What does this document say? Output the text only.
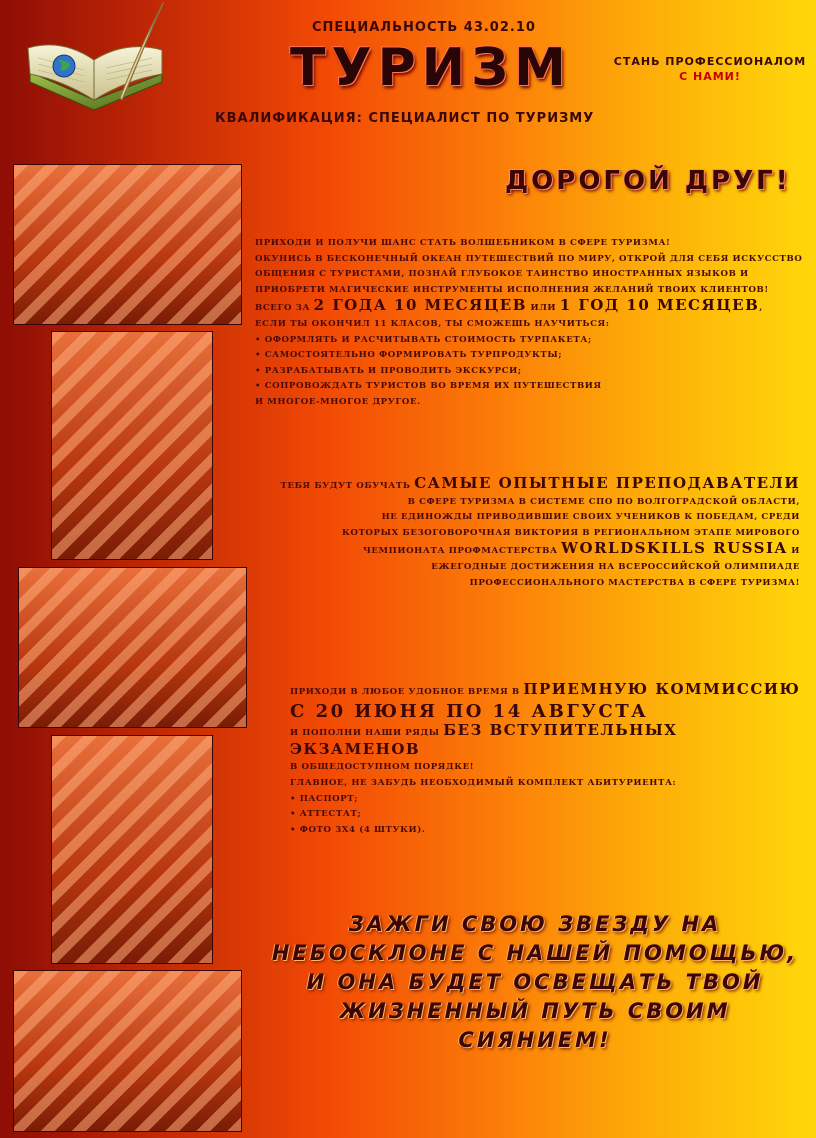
СПЕЦИАЛЬНОСТЬ 43.02.10
ТУРИЗМ
КВАЛИФИКАЦИЯ: СПЕЦИАЛИСТ ПО ТУРИЗМУ
СТАНЬ ПРОФЕССИОНАЛОМ
С НАМИ!
ДОРОГОЙ ДРУГ!
ПРИХОДИ И ПОЛУЧИ ШАНС СТАТЬ ВОЛШЕБНИКОМ В СФЕРЕ ТУРИЗМА!
ОКУНИСЬ В БЕСКОНЕЧНЫЙ ОКЕАН ПУТЕШЕСТВИЙ ПО МИРУ, ОТКРОЙ ДЛЯ СЕБЯ ИСКУССТВО ОБЩЕНИЯ С ТУРИСТАМИ, ПОЗНАЙ ГЛУБОКОЕ ТАИНСТВО ИНОСТРАННЫХ ЯЗЫКОВ И ПРИОБРЕТИ МАГИЧЕСКИЕ ИНСТРУМЕНТЫ ИСПОЛНЕНИЯ ЖЕЛАНИЙ ТВОИХ КЛИЕНТОВ!
ВСЕГО ЗА 2 ГОДА 10 МЕСЯЦЕВ ИЛИ 1 ГОД 10 МЕСЯЦЕВ,
ЕСЛИ ТЫ ОКОНЧИЛ 11 КЛАСОВ, ТЫ СМОЖЕШЬ НАУЧИТЬСЯ:
• ОФОРМЛЯТЬ И РАСЧИТЫВАТЬ СТОИМОСТЬ ТУРПАКЕТА;
• САМОСТОЯТЕЛЬНО ФОРМИРОВАТЬ ТУРПРОДУКТЫ;
• РАЗРАБАТЫВАТЬ И ПРОВОДИТЬ ЭКСКУРСИ;
• СОПРОВОЖДАТЬ ТУРИСТОВ ВО ВРЕМЯ ИХ ПУТЕШЕСТВИЯ
И МНОГОЕ-МНОГОЕ ДРУГОЕ.
ТЕБЯ БУДУТ ОБУЧАТЬ САМЫЕ ОПЫТНЫЕ ПРЕПОДАВАТЕЛИ
В СФЕРЕ ТУРИЗМА В СИСТЕМЕ СПО ПО ВОЛГОГРАДСКОЙ ОБЛАСТИ,
НЕ ЕДИНОЖДЫ ПРИВОДИВШИЕ СВОИХ УЧЕНИКОВ К ПОБЕДАМ, СРЕДИ
КОТОРЫХ БЕЗОГОВОРОЧНАЯ ВИКТОРИЯ В РЕГИОНАЛЬНОМ ЭТАПЕ МИРОВОГО
ЧЕМПИОНАТА ПРОФМАСТЕРСТВА WORLDSKILLS RUSSIA И
ЕЖЕГОДНЫЕ ДОСТИЖЕНИЯ НА ВСЕРОССИЙСКОЙ ОЛИМПИАДЕ
ПРОФЕССИОНАЛЬНОГО МАСТЕРСТВА В СФЕРЕ ТУРИЗМА!
ПРИХОДИ В ЛЮБОЕ УДОБНОЕ ВРЕМЯ В ПРИЕМНУЮ КОММИССИЮ
С 20 ИЮНЯ ПО 14 АВГУСТА
И ПОПОЛНИ НАШИ РЯДЫ БЕЗ ВСТУПИТЕЛЬНЫХ ЭКЗАМЕНОВ
В ОБЩЕДОСТУПНОМ ПОРЯДКЕ!
ГЛАВНОЕ, НЕ ЗАБУДЬ НЕОБХОДИМЫЙ КОМПЛЕКТ АБИТУРИЕНТА:
• ПАСПОРТ;
• АТТЕСТАТ;
• ФОТО 3Х4 (4 ШТУКИ).
ЗАЖГИ СВОЮ ЗВЕЗДУ НА
НЕБОСКЛОНЕ С НАШЕЙ ПОМОЩЬЮ,
И ОНА БУДЕТ ОСВЕЩАТЬ ТВОЙ
ЖИЗНЕННЫЙ ПУТЬ СВОИМ
СИЯНИЕМ!
